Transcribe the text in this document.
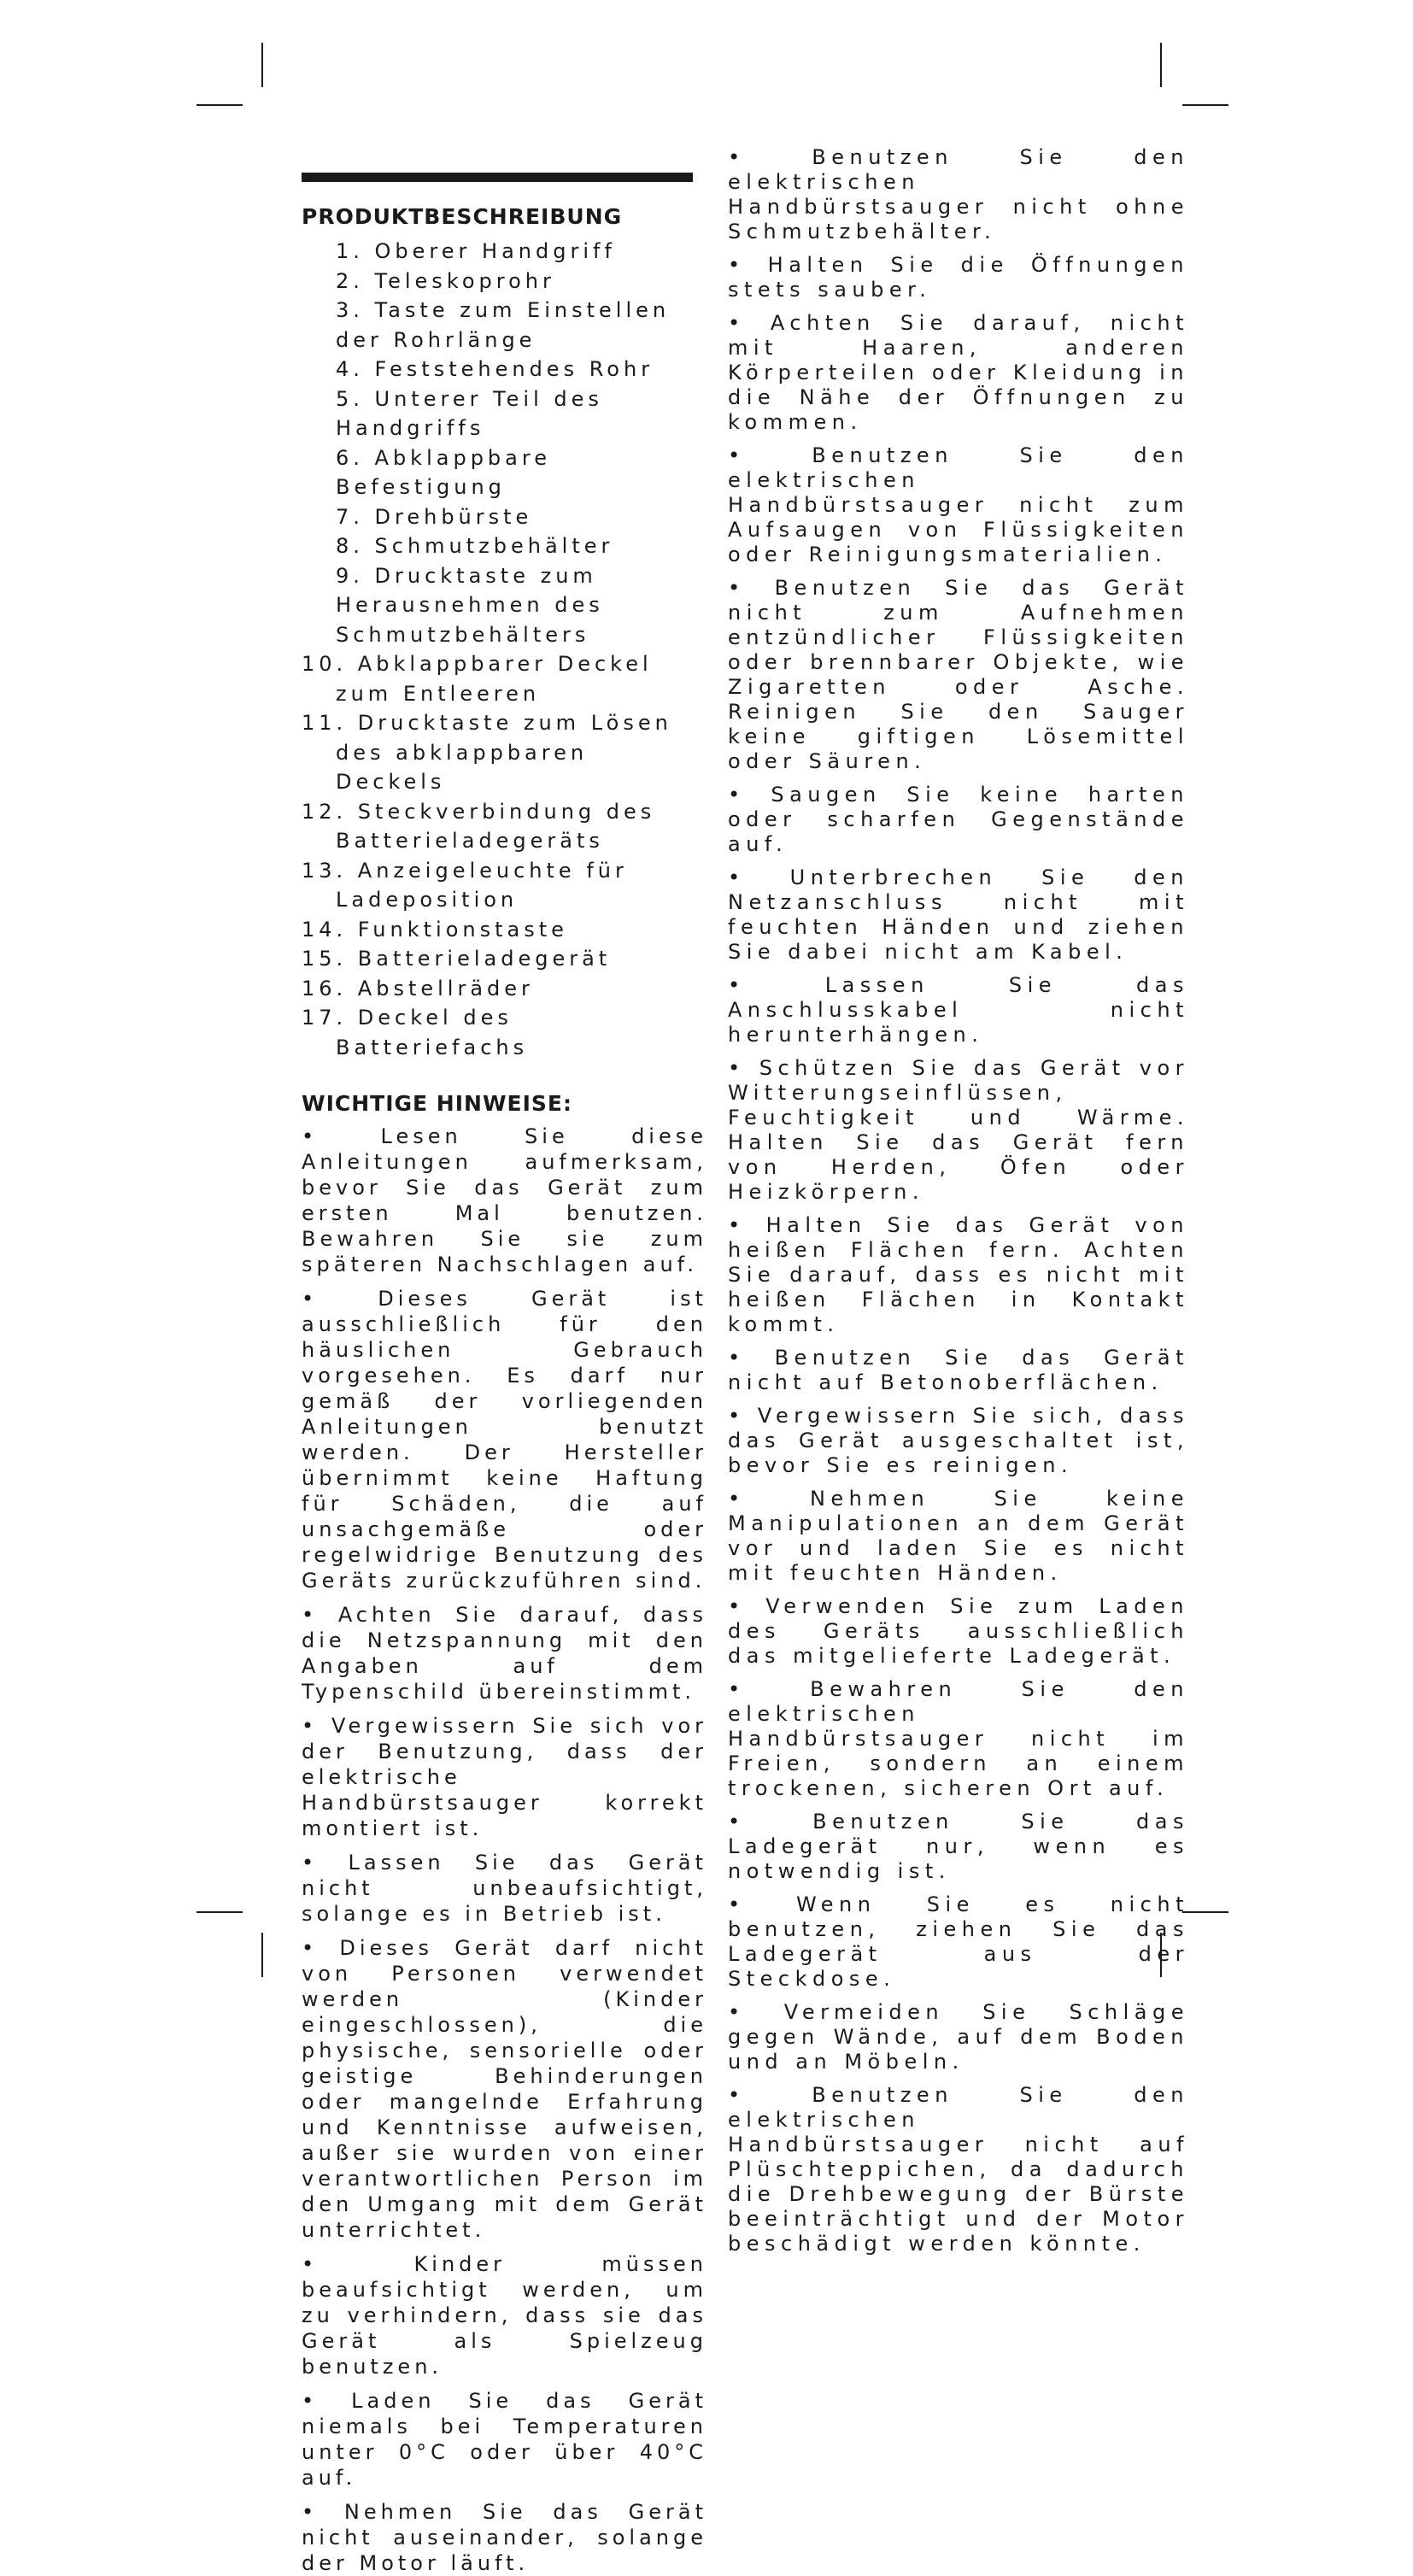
PRODUKTBESCHREIBUNG
1. Oberer Handgriff
2. Teleskoprohr
3. Taste zum Einstellen der Rohrlänge
4. Feststehendes Rohr
5. Unterer Teil des Handgriffs
6. Abklappbare Befestigung
7. Drehbürste
8. Schmutzbehälter
9. Drucktaste zum Herausnehmen des Schmutzbehälters
10. Abklappbarer Deckel zum Entleeren
11. Drucktaste zum Lösen des abklappbaren Deckels
12. Steckverbindung des Batterieladegeräts
13. Anzeigeleuchte für Ladeposition
14. Funktionstaste
15. Batterieladegerät
16. Abstellräder
17. Deckel des Batteriefachs
WICHTIGE HINWEISE:

• Lesen Sie diese Anleitungen aufmerksam, bevor Sie das Gerät zum ersten Mal benutzen. Bewahren Sie sie zum späteren Nachschlagen auf.

• Dieses Gerät ist ausschließlich für den häuslichen Gebrauch vorgesehen. Es darf nur gemäß der vorliegenden Anleitungen benutzt werden. Der Hersteller übernimmt keine Haftung für Schäden, die auf unsachgemäße oder regelwidrige Benutzung des Geräts zurückzuführen sind.

• Achten Sie darauf, dass die Netzspannung mit den Angaben auf dem Typenschild übereinstimmt.

• Vergewissern Sie sich vor der Benutzung, dass der elektrische Handbürstsauger korrekt montiert ist.

• Lassen Sie das Gerät nicht unbeaufsichtigt, solange es in Betrieb ist.

• Dieses Gerät darf nicht von Personen verwendet werden (Kinder eingeschlossen), die physische, sensorielle oder geistige Behinderungen oder mangelnde Erfahrung und Kenntnisse aufweisen, außer sie wurden von einer verantwortlichen Person im den Umgang mit dem Gerät unterrichtet.

• Kinder müssen beaufsichtigt werden, um zu verhindern, dass sie das Gerät als Spielzeug benutzen.

• Laden Sie das Gerät niemals bei Temperaturen unter 0°C oder über 40°C auf.

• Nehmen Sie das Gerät nicht auseinander, solange der Motor läuft.

• Benutzen Sie den elektrischen Handbürstsauger nicht ohne Schmutzbehälter.

• Halten Sie die Öffnungen stets sauber.

• Achten Sie darauf, nicht mit Haaren, anderen Körperteilen oder Kleidung in die Nähe der Öffnungen zu kommen.

• Benutzen Sie den elektrischen Handbürstsauger nicht zum Aufsaugen von Flüssigkeiten oder Reinigungsmaterialien.

• Benutzen Sie das Gerät nicht zum Aufnehmen entzündlicher Flüssigkeiten oder brennbarer Objekte, wie Zigaretten oder Asche. Reinigen Sie den Sauger keine giftigen Lösemittel oder Säuren.

• Saugen Sie keine harten oder scharfen Gegenstände auf.

• Unterbrechen Sie den Netzanschluss nicht mit feuchten Händen und ziehen Sie dabei nicht am Kabel.

• Lassen Sie das Anschlusskabel nicht herunterhängen.

• Schützen Sie das Gerät vor Witterungseinflüssen, Feuchtigkeit und Wärme. Halten Sie das Gerät fern von Herden, Öfen oder Heizkörpern.

• Halten Sie das Gerät von heißen Flächen fern. Achten Sie darauf, dass es nicht mit heißen Flächen in Kontakt kommt.

• Benutzen Sie das Gerät nicht auf Betonoberflächen.

• Vergewissern Sie sich, dass das Gerät ausgeschaltet ist, bevor Sie es reinigen.

• Nehmen Sie keine Manipulationen an dem Gerät vor und laden Sie es nicht mit feuchten Händen.

• Verwenden Sie zum Laden des Geräts ausschließlich das mitgelieferte Ladegerät.

• Bewahren Sie den elektrischen Handbürstsauger nicht im Freien, sondern an einem trockenen, sicheren Ort auf.

• Benutzen Sie das Ladegerät nur, wenn es notwendig ist.

• Wenn Sie es nicht benutzen, ziehen Sie das Ladegerät aus der Steckdose.

• Vermeiden Sie Schläge gegen Wände, auf dem Boden und an Möbeln.

• Benutzen Sie den elektrischen Handbürstsauger nicht auf Plüschteppichen, da dadurch die Drehbewegung der Bürste beeinträchtigt und der Motor beschädigt werden könnte.
